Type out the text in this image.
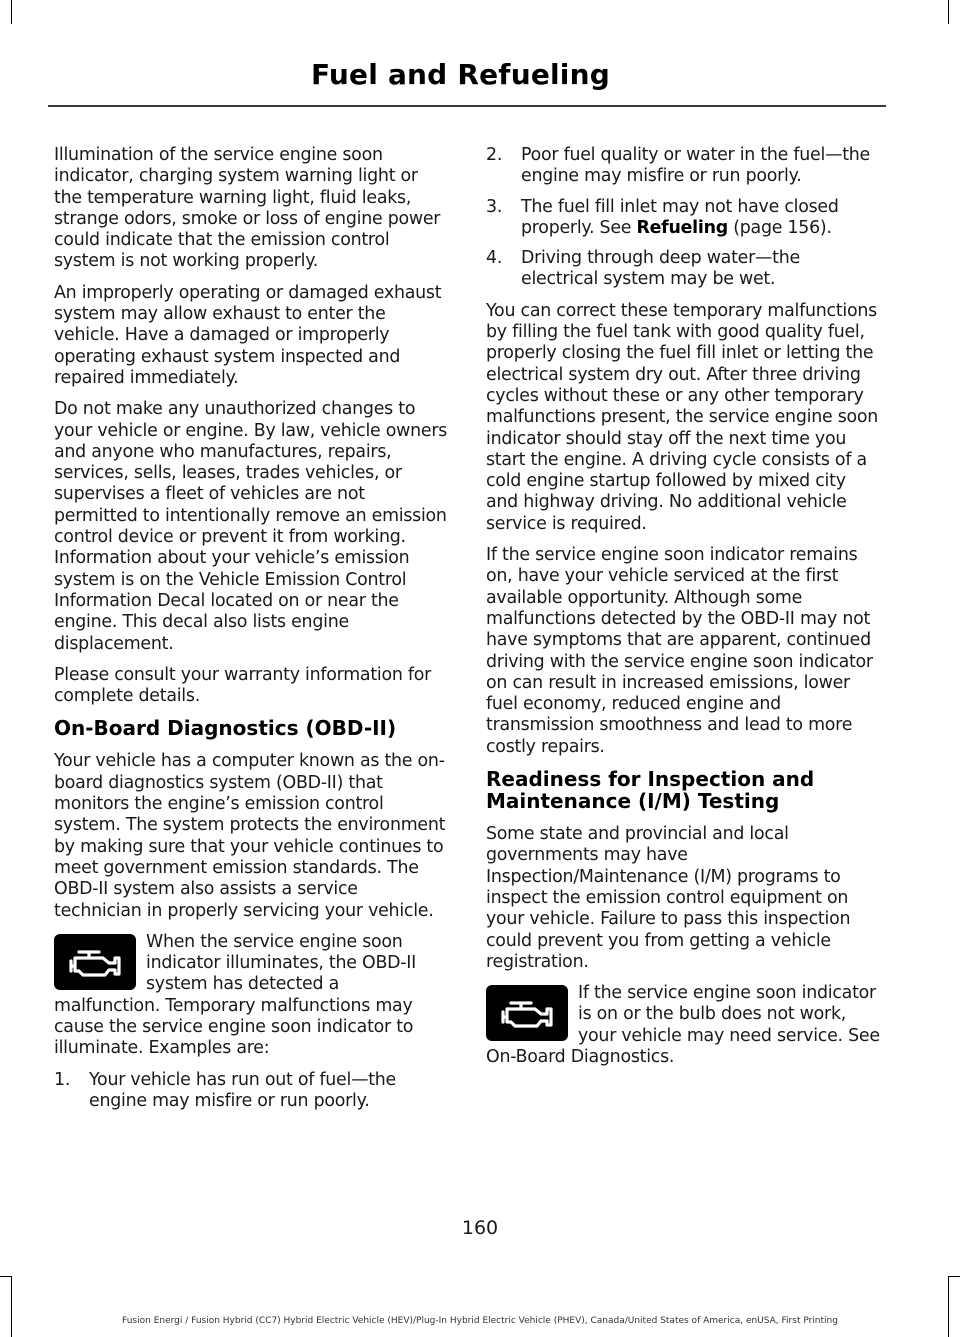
Fuel and Refueling

Illumination of the service engine soon indicator, charging system warning light or the temperature warning light, fluid leaks, strange odors, smoke or loss of engine power could indicate that the emission control system is not working properly.

An improperly operating or damaged exhaust system may allow exhaust to enter the vehicle. Have a damaged or improperly operating exhaust system inspected and repaired immediately.

Do not make any unauthorized changes to your vehicle or engine. By law, vehicle owners and anyone who manufactures, repairs, services, sells, leases, trades vehicles, or supervises a fleet of vehicles are not permitted to intentionally remove an emission control device or prevent it from working. Information about your vehicle’s emission system is on the Vehicle Emission Control Information Decal located on or near the engine. This decal also lists engine displacement.

Please consult your warranty information for complete details.

On-Board Diagnostics (OBD-II)

Your vehicle has a computer known as the on-board diagnostics system (OBD-II) that monitors the engine’s emission control system. The system protects the environment by making sure that your vehicle continues to meet government emission standards. The OBD-II system also assists a service technician in properly servicing your vehicle.

When the service engine soon indicator illuminates, the OBD-II system has detected a malfunction. Temporary malfunctions may cause the service engine soon indicator to illuminate. Examples are:

1. Your vehicle has run out of fuel—the engine may misfire or run poorly.
2. Poor fuel quality or water in the fuel—the engine may misfire or run poorly.
3. The fuel fill inlet may not have closed properly. See Refueling (page 156).
4. Driving through deep water—the electrical system may be wet.

You can correct these temporary malfunctions by filling the fuel tank with good quality fuel, properly closing the fuel fill inlet or letting the electrical system dry out. After three driving cycles without these or any other temporary malfunctions present, the service engine soon indicator should stay off the next time you start the engine. A driving cycle consists of a cold engine startup followed by mixed city and highway driving. No additional vehicle service is required.

If the service engine soon indicator remains on, have your vehicle serviced at the first available opportunity. Although some malfunctions detected by the OBD-II may not have symptoms that are apparent, continued driving with the service engine soon indicator on can result in increased emissions, lower fuel economy, reduced engine and transmission smoothness and lead to more costly repairs.

Readiness for Inspection and Maintenance (I/M) Testing

Some state and provincial and local governments may have Inspection/Maintenance (I/M) programs to inspect the emission control equipment on your vehicle. Failure to pass this inspection could prevent you from getting a vehicle registration.

If the service engine soon indicator is on or the bulb does not work, your vehicle may need service. See On-Board Diagnostics.

160
Fusion Energi / Fusion Hybrid (CC7) Hybrid Electric Vehicle (HEV)/Plug-In Hybrid Electric Vehicle (PHEV), Canada/United States of America, enUSA, First Printing
